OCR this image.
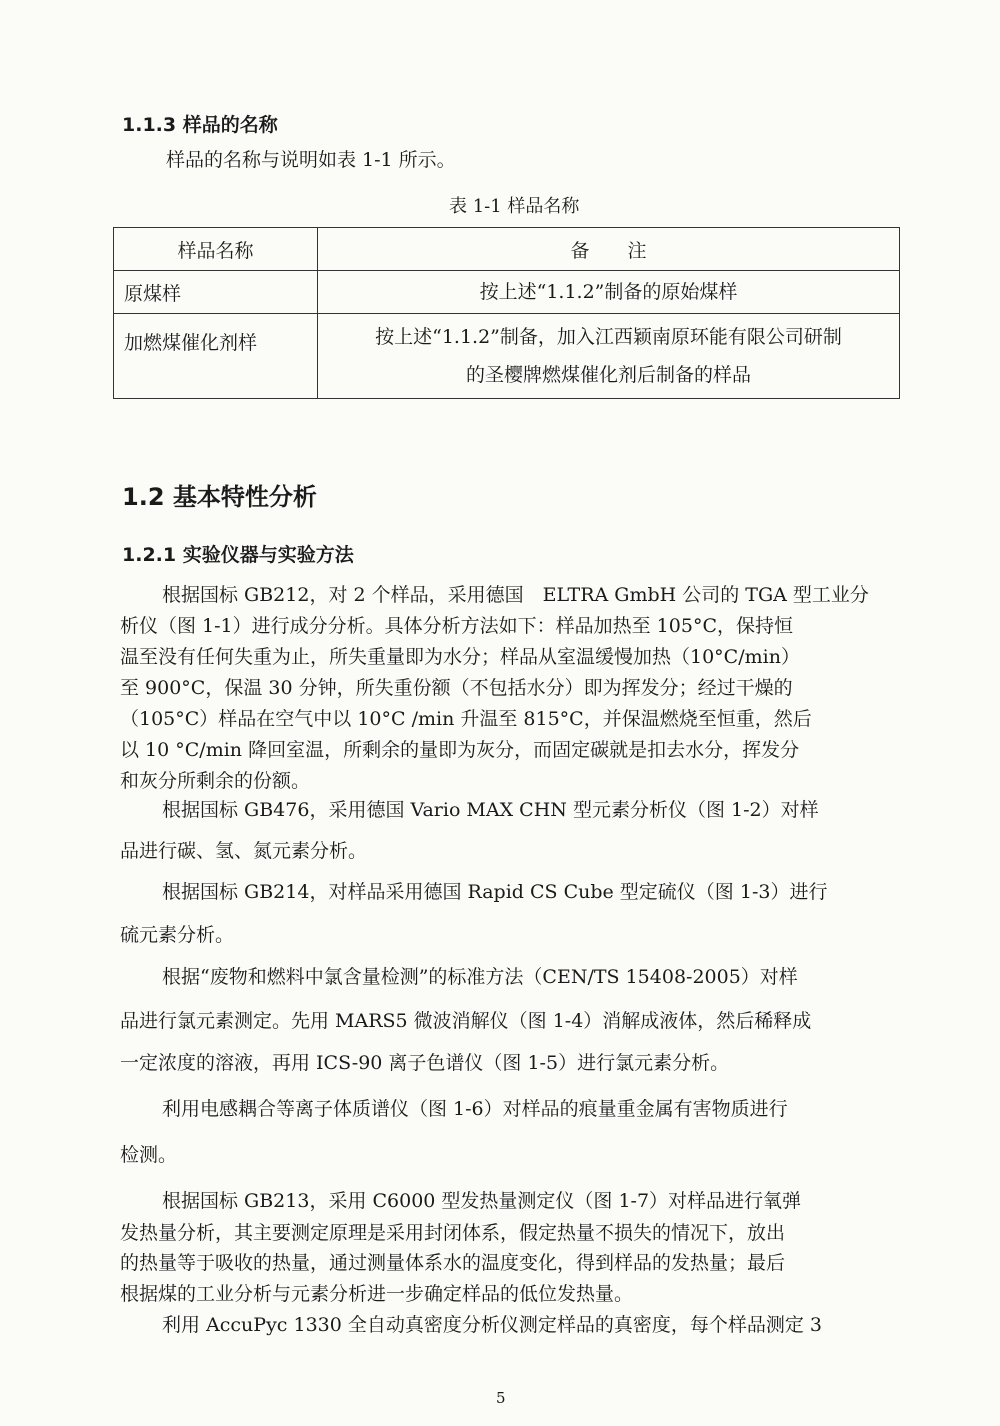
1.1.3 样品的名称
样品的名称与说明如表 1-1 所示。
表 1-1 样品名称
样品名称	备　　注
原煤样	按上述“1.1.2”制备的原始煤样

加燃煤催化剂样	按上述“1.1.2”制备，加入江西颖南原环能有限公司研制
的圣樱牌燃煤催化剂后制备的样品
1.2 基本特性分析
1.2.1 实验仪器与实验方法
根据国标 GB212，对 2 个样品，采用德国　ELTRA GmbH 公司的 TGA 型工业分
析仪（图 1-1）进行成分分析。具体分析方法如下：样品加热至 105°C，保持恒
温至没有任何失重为止，所失重量即为水分；样品从室温缓慢加热（10°C/min）
至 900°C，保温 30 分钟，所失重份额（不包括水分）即为挥发分；经过干燥的
（105°C）样品在空气中以 10°C /min 升温至 815°C，并保温燃烧至恒重，然后
以 10 °C/min 降回室温，所剩余的量即为灰分，而固定碳就是扣去水分，挥发分
和灰分所剩余的份额。
根据国标 GB476，采用德国 Vario MAX CHN 型元素分析仪（图 1-2）对样
品进行碳、氢、氮元素分析。
根据国标 GB214，对样品采用德国 Rapid CS Cube 型定硫仪（图 1-3）进行
硫元素分析。
根据“废物和燃料中氯含量检测”的标准方法（CEN/TS 15408-2005）对样
品进行氯元素测定。先用 MARS5 微波消解仪（图 1-4）消解成液体，然后稀释成
一定浓度的溶液，再用 ICS-90 离子色谱仪（图 1-5）进行氯元素分析。
利用电感耦合等离子体质谱仪（图 1-6）对样品的痕量重金属有害物质进行
检测。
根据国标 GB213，采用 C6000 型发热量测定仪（图 1-7）对样品进行氧弹
发热量分析，其主要测定原理是采用封闭体系，假定热量不损失的情况下，放出
的热量等于吸收的热量，通过测量体系水的温度变化，得到样品的发热量；最后
根据煤的工业分析与元素分析进一步确定样品的低位发热量。
利用 AccuPyc 1330 全自动真密度分析仪测定样品的真密度，每个样品测定 3
5
